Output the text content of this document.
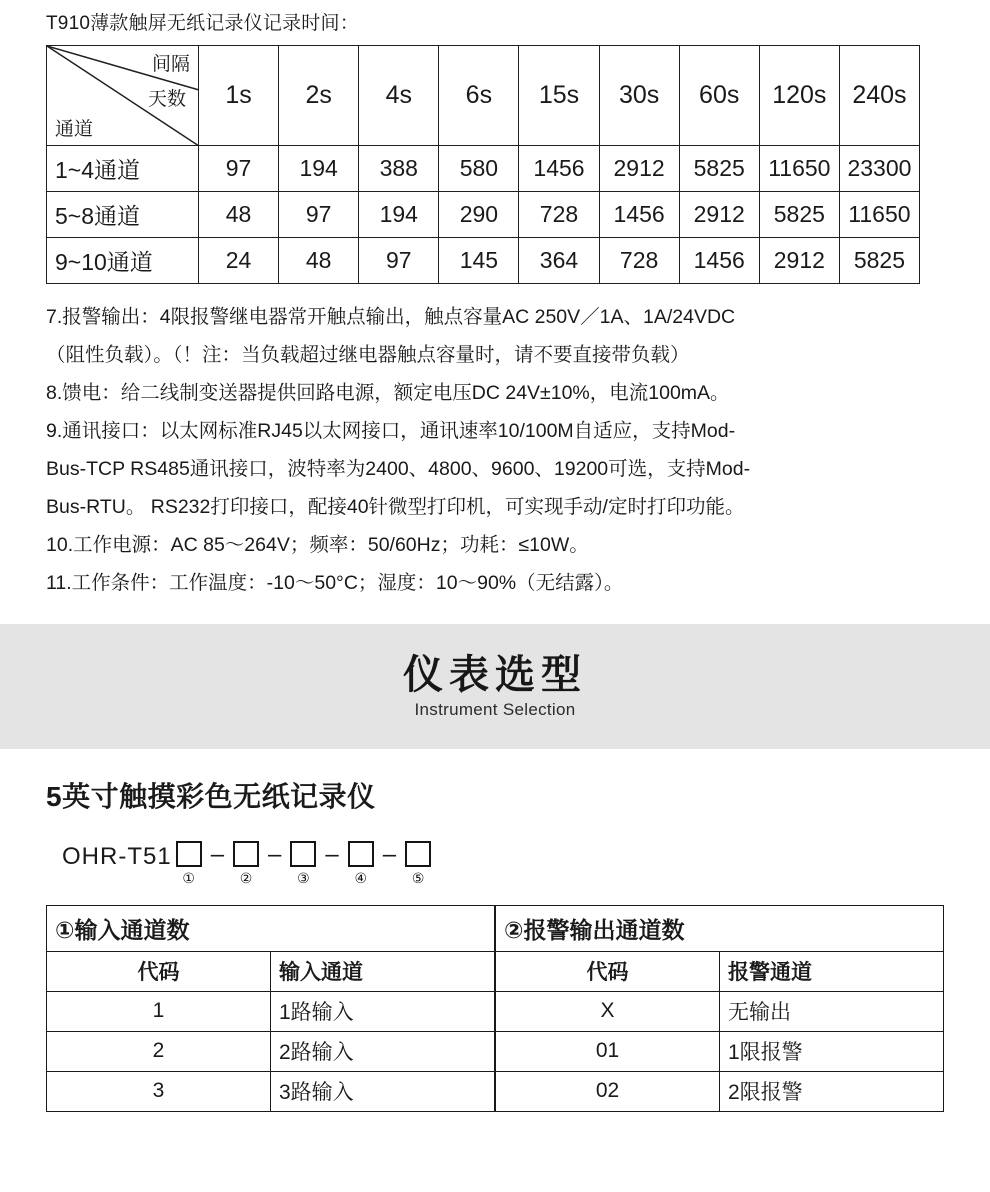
T910薄款触屏无纸记录仪记录时间：
间隔
天数
通道	1s	2s	4s	6s	15s	30s	60s	120s	240s
1~4通道	97	194	388	580	1456	2912	5825	11650	23300
5~8通道	48	97	194	290	728	1456	2912	5825	11650
9~10通道	24	48	97	145	364	728	1456	2912	5825

7.报警输出：4限报警继电器常开触点输出，触点容量AC 250V／1A、1A/24VDC

（阻性负载）。（！注：当负载超过继电器触点容量时，请不要直接带负载）

8.馈电：给二线制变送器提供回路电源，额定电压DC 24V±10%，电流100mA。

9.通讯接口：以太网标准RJ45以太网接口，通讯速率10/100M自适应，支持Mod-

Bus-TCP RS485通讯接口，波特率为2400、4800、9600、19200可选，支持Mod-

Bus-RTU。 RS232打印接口，配接40针微型打印机，可实现手动/定时打印功能。

10.工作电源：AC 85～264V；频率：50/60Hz；功耗：≤10W。

11.工作条件：工作温度：-10～50°C；湿度：10～90%（无结露）。

仪表选型
Instrument Selection
5英寸触摸彩色无纸记录仪
OHR-T51
①
–
②
–
③
–
④
–
⑤
①输入通道数	
代码	输入通道
1	1路输入
2	2路输入
3	3路输入
②报警输出通道数	
代码	报警通道
X	无输出
01	1限报警
02	2限报警
